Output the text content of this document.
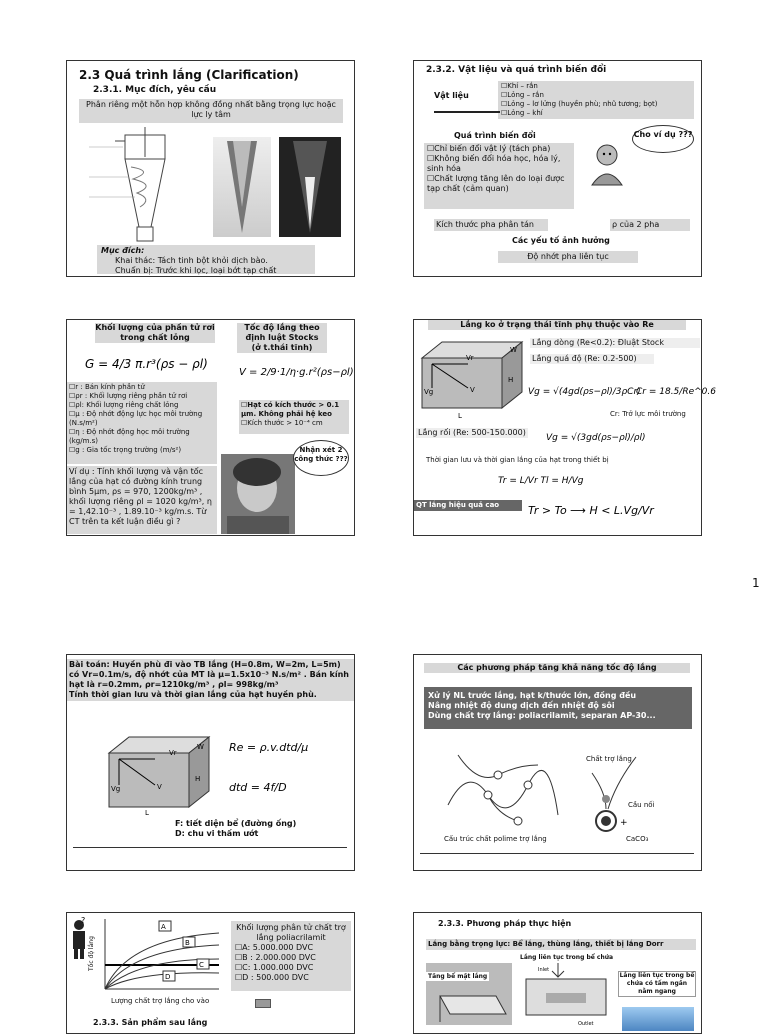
2.3 Quá trình lắng (Clarification)
2.3.1. Mục đích, yêu cầu
Phân riêng một hỗn hợp không đồng nhất bằng trọng lực hoặc lực ly tâm
Mục đích:
Khai thác: Tách tinh bột khỏi dịch bào.
Chuẩn bị: Trước khi lọc, loại bớt tạp chất
2.3.2. Vật liệu và quá trình biến đổi
Vật liệu
☐ Khí – rắn
☐ Lỏng – rắn
☐ Lỏng – lơ lửng (huyền phù; nhũ tương; bọt)
☐ Lỏng – khí
Quá trình biến đổi
☐ Chỉ biến đổi vật lý (tách pha)
☐ Không biến đổi hóa học, hóa lý, sinh hóa
☐ Chất lượng tăng lên do loại được tạp chất (cảm quan)
Cho ví dụ ???
Kích thước pha phân tán	ρ của 2 pha
Các yếu tố ảnh hưởng
Độ nhớt pha liên tục
Khối lượng của phần tử rơi trong chất lỏng
Tốc độ lắng theo định luật Stocks
(ở t.thái tĩnh)
G = 4/3 π.r³(ρs − ρl)
V = 2/9·1/η·g.r²(ρs−ρl)
☐ r : Bán kính phần tử
☐ ρr : Khối lượng riêng phần tử rơi
☐ ρl: Khối lượng riêng chất lỏng
☐ μ : Độ nhớt động lực học môi trường (N.s/m²)
☐ η : Độ nhớt động học môi trường (kg/m.s)
☐ g : Gia tốc trọng trường (m/s²)
☐ Hạt có kích thước > 0.1 μm. Không phải hệ keo
☐ Kích thước > 10⁻⁴ cm
Ví dụ : Tính khối lượng và vận tốc lắng của hạt có đường kính trung bình 5μm, ρs = 970, 1200kg/m³ , khối lượng riêng ρl = 1020 kg/m³, η = 1,42.10⁻³ , 1.89.10⁻³ kg/m.s. Từ CT trên ta kết luận điều gì ?
Nhận xét 2 công thức ???
Lắng ko ở trạng thái tĩnh phụ thuộc vào Re
Vr
Vg	V
W
H
L
Lắng dòng (Re<0.2): Đluật Stock
Lắng quá độ (Re: 0.2-500)
Vg = √(4gd(ρs−ρl)/3ρCr)
Cr = 18.5/Re^0.6
Cr: Trở lực môi trường
Lắng rối (Re: 500-150.000)
Vg = √(3gd(ρs−ρl)/ρl)
Thời gian lưu và thời gian lắng của hạt trong thiết bị
Tr = L/Vr Tl = H/Vg
QT lắng hiệu quả cao	Tr > To ⟶ H < L.Vg/Vr
1
Bài toán: Huyền phù đi vào TB lắng (H=0.8m, W=2m, L=5m) có Vr=0.1m/s, độ nhớt của MT là μ=1.5x10⁻³ N.s/m² . Bán kính hạt là r=0.2mm, ρr=1210kg/m³ , ρl= 998kg/m³
Tính thời gian lưu và thời gian lắng của hạt huyền phù.
Vr
Vg	V
W
H
L
Re = ρ.v.dtd/μ
dtd = 4f/D
F: tiết diện bể (đường ống)
D: chu vi thấm ướt
Các phương pháp tăng khả năng tốc độ lắng
Xử lý NL trước lắng, hạt k/thước lớn, đồng đều
Nâng nhiệt độ dung dịch đến nhiệt độ sôi
Dùng chất trợ lắng: poliacrilamit, separan AP-30...
Cấu trúc chất polime trợ lắng
+
Chất trợ lắng
Cầu nối
CaCO₃
?
A
B
C
D
Tốc độ lắng
Lượng chất trợ lắng cho vào
Khối lượng phân tử chất trợ lắng poliacrilamit
☐ A: 5.000.000 DVC
☐ B : 2.000.000 DVC
☐ C: 1.000.000 DVC
☐ D : 500.000 DVC
2.3.3. Sản phẩm sau lắng
2.3.3. Phương pháp thực hiện
Lắng bằng trọng lực: Bể lắng, thùng lắng, thiết bị lắng Dorr
Lắng liên tục trong bể chứa
Tăng bể mặt lắng
Inlet
Outlet
Lắng liên tục trong bể chứa có tấm ngăn nằm ngang
